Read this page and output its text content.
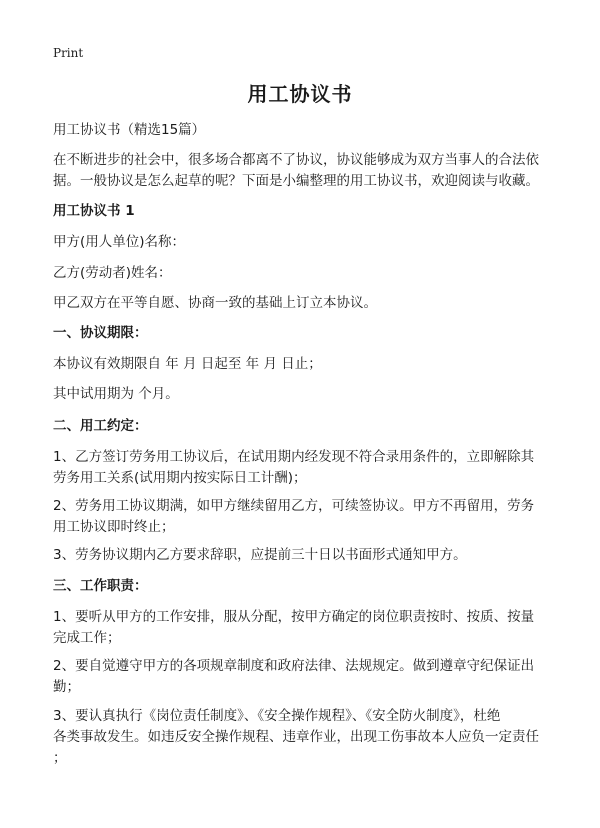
Print
用工协议书

用工协议书（精选15篇）

在不断进步的社会中，很多场合都离不了协议，协议能够成为双方当事人的合法依
据。一般协议是怎么起草的呢？下面是小编整理的用工协议书，欢迎阅读与收藏。

用工协议书 1

甲方(用人单位)名称：

乙方(劳动者)姓名：

甲乙双方在平等自愿、协商一致的基础上订立本协议。

一、协议期限：

本协议有效期限自 年 月 日起至 年 月 日止；

其中试用期为 个月。

二、用工约定：

1、乙方签订劳务用工协议后，在试用期内经发现不符合录用条件的，立即解除其
劳务用工关系(试用期内按实际日工计酬)；

2、劳务用工协议期满，如甲方继续留用乙方，可续签协议。甲方不再留用，劳务
用工协议即时终止；

3、劳务协议期内乙方要求辞职，应提前三十日以书面形式通知甲方。

三、工作职责：

1、要听从甲方的工作安排，服从分配，按甲方确定的岗位职责按时、按质、按量
完成工作；

2、要自觉遵守甲方的各项规章制度和政府法律、法规规定。做到遵章守纪保证出
勤；

3、要认真执行《岗位责任制度》、《安全操作规程》、《安全防火制度》，杜绝
各类事故发生。如违反安全操作规程、违章作业，出现工伤事故本人应负一定责任
；
